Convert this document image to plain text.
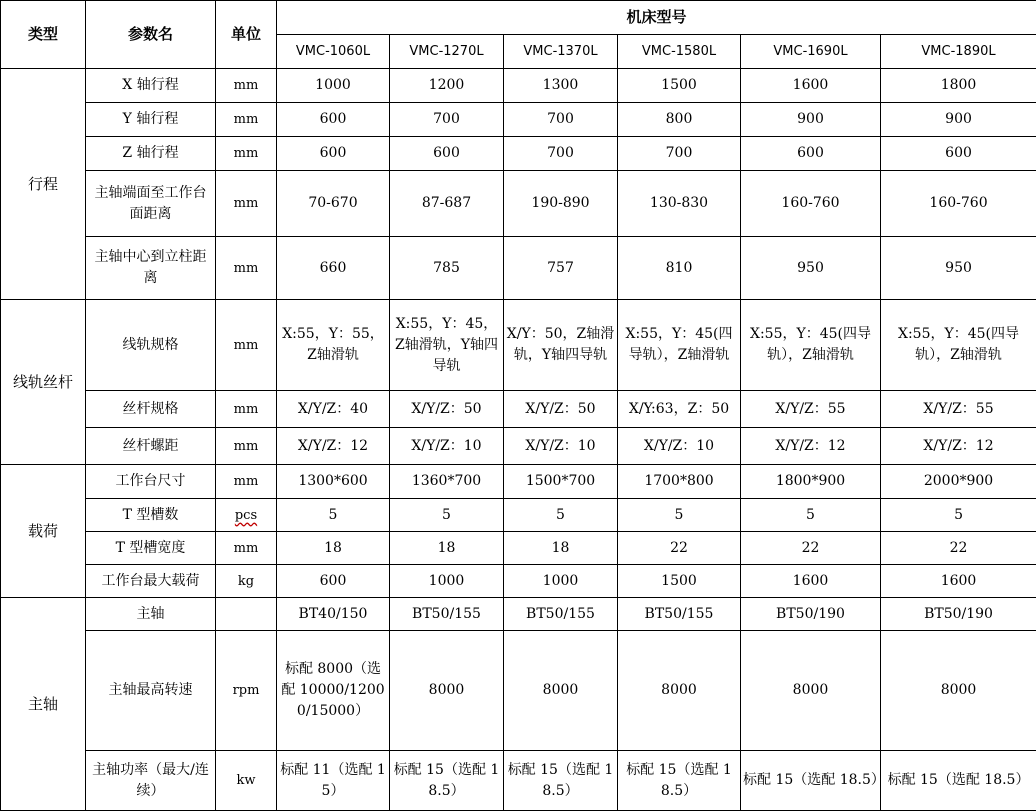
类型	参数名	单位	机床型号					
			VMC-1060L	VMC-1270L	VMC-1370L	VMC-1580L	VMC-1690L	VMC-1890L
行程	X 轴行程	mm	1000	1200	1300	1500	1600	1800
	Y 轴行程	mm	600	700	700	800	900	900
	Z 轴行程	mm	600	600	700	700	600	600
	主轴端面至工作台面距离	mm	70-670	87-687	190-890	130-830	160-760	160-760
	主轴中心到立柱距离	mm	660	785	757	810	950	950
线轨丝杆	线轨规格	mm	X:55，Y：55，Z轴滑轨	X:55，Y：45，Z轴滑轨，Y轴四导轨	X/Y：50，Z轴滑轨，Y轴四导轨	X:55，Y：45(四导轨），Z轴滑轨	X:55，Y：45(四导轨），Z轴滑轨	X:55，Y：45(四导轨），Z轴滑轨
	丝杆规格	mm	X/Y/Z：40	X/Y/Z：50	X/Y/Z：50	X/Y:63，Z：50	X/Y/Z：55	X/Y/Z：55
	丝杆螺距	mm	X/Y/Z：12	X/Y/Z：10	X/Y/Z：10	X/Y/Z：10	X/Y/Z：12	X/Y/Z：12
载荷	工作台尺寸	mm	1300*600	1360*700	1500*700	1700*800	1800*900	2000*900
	T 型槽数	pcs	5	5	5	5	5	5
	T 型槽宽度	mm	18	18	18	22	22	22
	工作台最大载荷	kg	600	1000	1000	1500	1600	1600
主轴	主轴		BT40/150	BT50/155	BT50/155	BT50/155	BT50/190	BT50/190
	主轴最高转速	rpm	标配 8000（选配 10000/12000/15000）	8000	8000	8000	8000	8000
	主轴功率（最大/连续）	kw	标配 11（选配 15）	标配 15（选配 18.5）	标配 15（选配 18.5）	标配 15（选配 18.5）	标配 15（选配 18.5）	标配 15（选配 18.5）
